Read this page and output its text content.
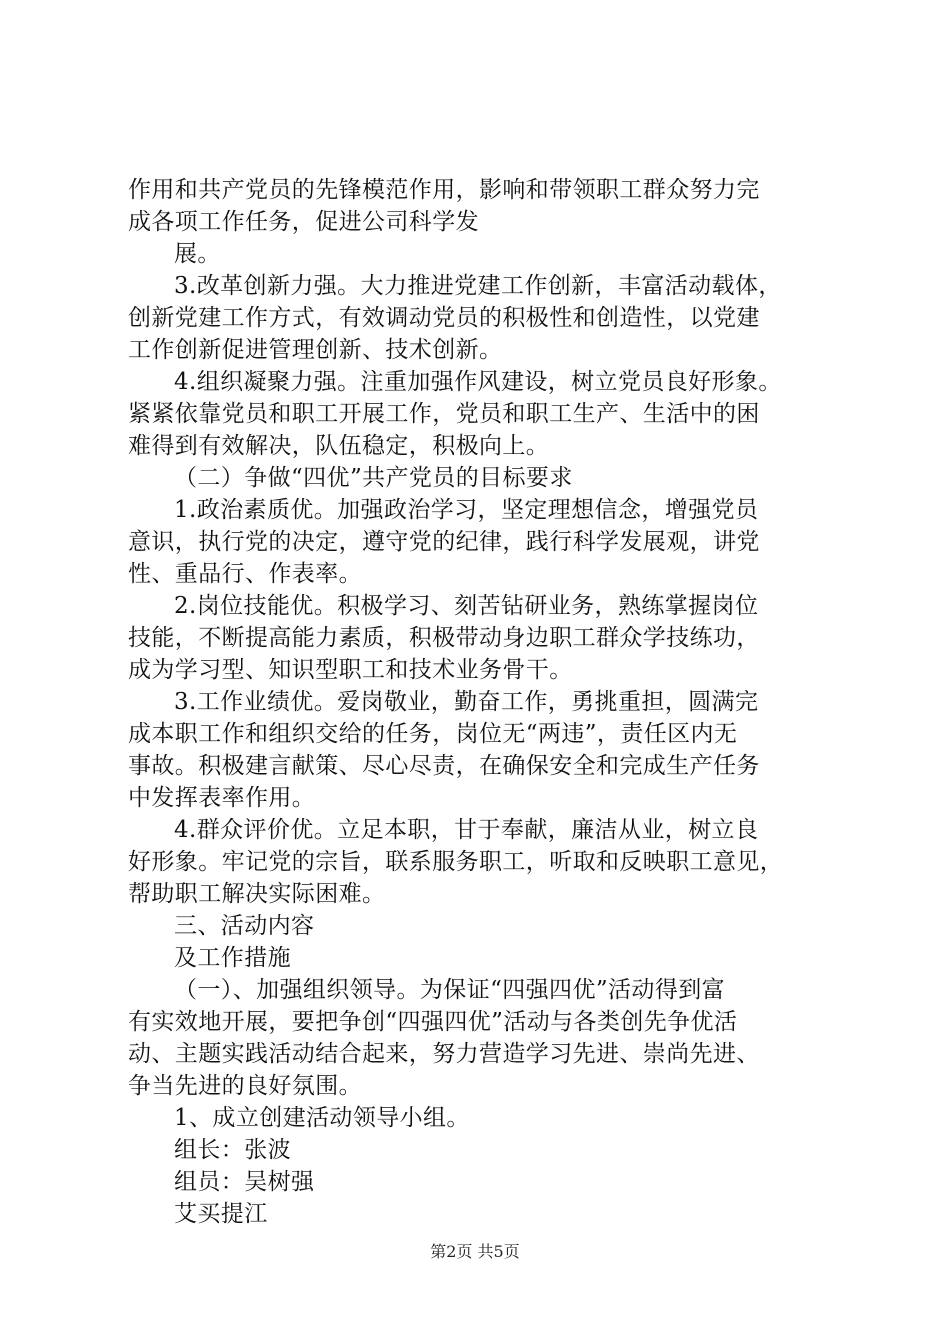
作用和共产党员的先锋模范作用，影响和带领职工群众努力完
成各项工作任务，促进公司科学发
展。
3.改革创新力强。大力推进党建工作创新，丰富活动载体，
创新党建工作方式，有效调动党员的积极性和创造性，以党建
工作创新促进管理创新、技术创新。
4.组织凝聚力强。注重加强作风建设，树立党员良好形象。
紧紧依靠党员和职工开展工作，党员和职工生产、生活中的困
难得到有效解决，队伍稳定，积极向上。
（二）争做“四优”共产党员的目标要求
1.政治素质优。加强政治学习，坚定理想信念，增强党员
意识，执行党的决定，遵守党的纪律，践行科学发展观，讲党
性、重品行、作表率。
2.岗位技能优。积极学习、刻苦钻研业务，熟练掌握岗位
技能，不断提高能力素质，积极带动身边职工群众学技练功，
成为学习型、知识型职工和技术业务骨干。
3.工作业绩优。爱岗敬业，勤奋工作，勇挑重担，圆满完
成本职工作和组织交给的任务，岗位无“两违”，责任区内无
事故。积极建言献策、尽心尽责，在确保安全和完成生产任务
中发挥表率作用。
4.群众评价优。立足本职，甘于奉献，廉洁从业，树立良
好形象。牢记党的宗旨，联系服务职工，听取和反映职工意见，
帮助职工解决实际困难。
三、活动内容
及工作措施
（一）、加强组织领导。为保证“四强四优”活动得到富
有实效地开展，要把争创“四强四优”活动与各类创先争优活
动、主题实践活动结合起来，努力营造学习先进、崇尚先进、
争当先进的良好氛围。
1、成立创建活动领导小组。
组长：张波
组员：吴树强
艾买提江
第2页 共5页
